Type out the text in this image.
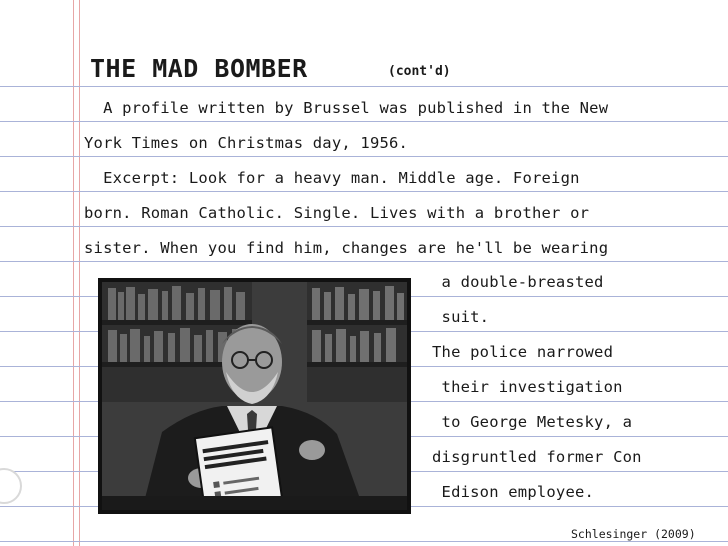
THE MAD BOMBER	(cont'd)
A profile written by Brussel was published in the New
York Times on Christmas day, 1956.
Excerpt: Look for a heavy man. Middle age. Foreign
born. Roman Catholic. Single. Lives with a brother or
sister. When you find him, changes are he'll be wearing
a double-breasted
suit.
The police narrowed
their investigation
to George Metesky, a
disgruntled former Con
Edison employee.
Schlesinger (2009)
